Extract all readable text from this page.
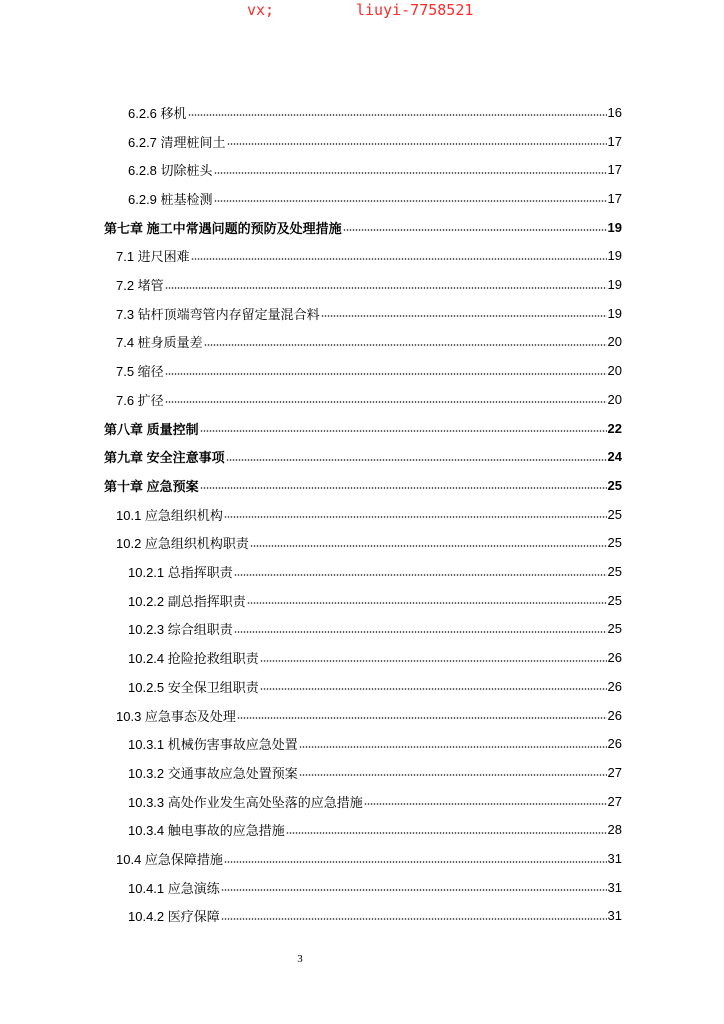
vx;	liuyi-7758521
6.2.6 移机	16
6.2.7 清理桩间土	17
6.2.8 切除桩头	17
6.2.9 桩基检测	17
第七章 施工中常遇问题的预防及处理措施	19
7.1 进尺困难	19
7.2 堵管	19
7.3 钻杆顶端弯管内存留定量混合料	19
7.4 桩身质量差	20
7.5 缩径	20
7.6 扩径	20
第八章 质量控制	22
第九章 安全注意事项	24
第十章 应急预案	25
10.1 应急组织机构	25
10.2 应急组织机构职责	25
10.2.1 总指挥职责	25
10.2.2 副总指挥职责	25
10.2.3 综合组职责	25
10.2.4 抢险抢救组职责	26
10.2.5 安全保卫组职责	26
10.3 应急事态及处理	26
10.3.1 机械伤害事故应急处置	26
10.3.2 交通事故应急处置预案	27
10.3.3 高处作业发生高处坠落的应急措施	27
10.3.4 触电事故的应急措施	28
10.4 应急保障措施	31
10.4.1 应急演练	31
10.4.2 医疗保障	31
3
